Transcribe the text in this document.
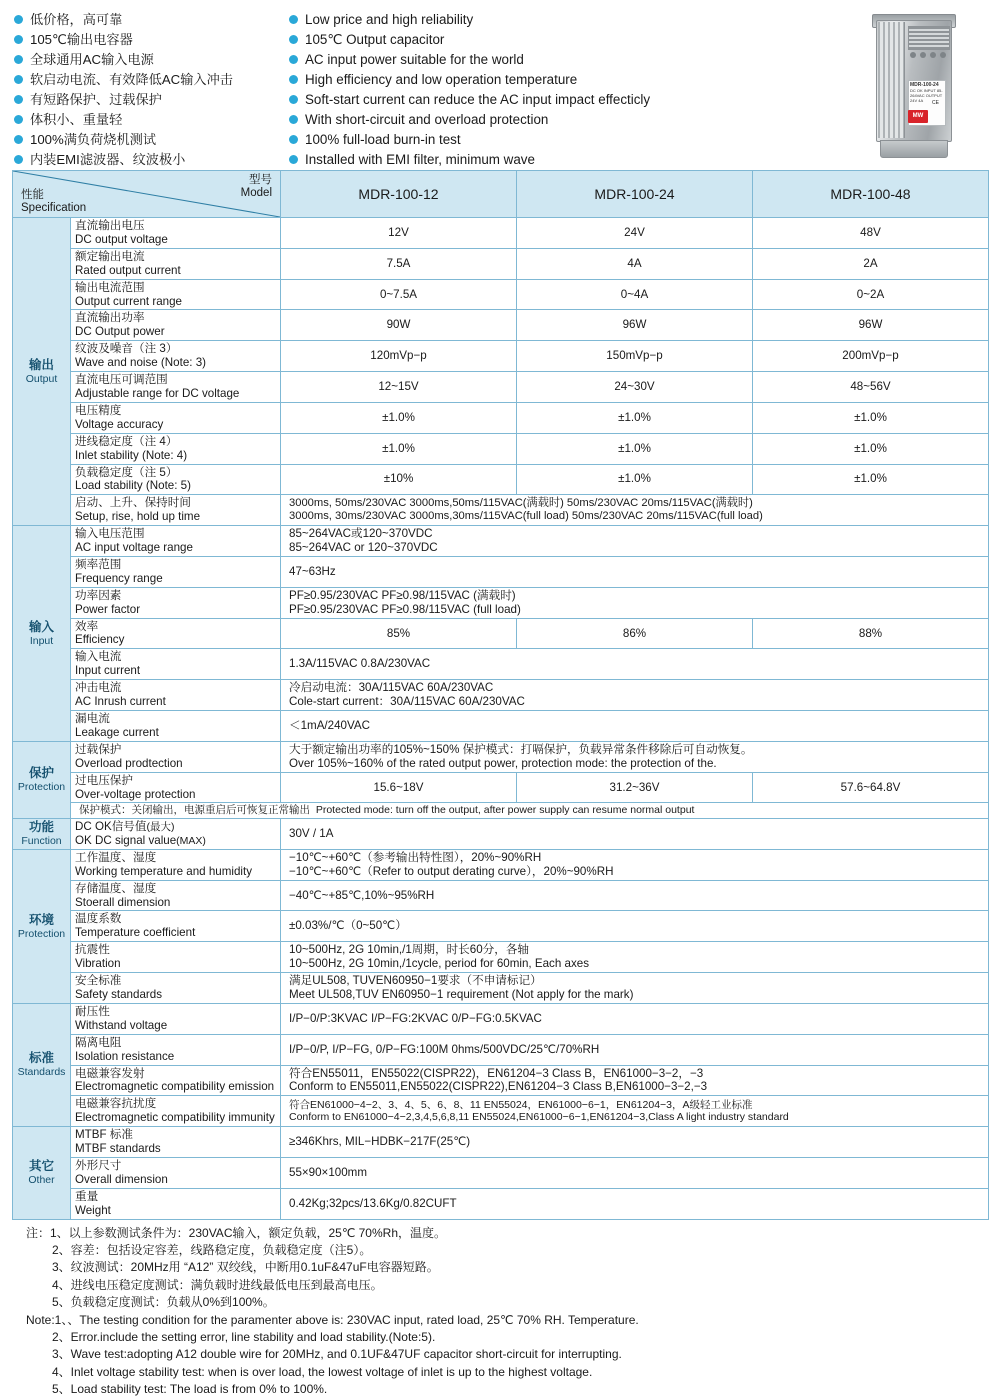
低价格，高可靠
105℃输出电容器
全球通用AC输入电源
软启动电流、有效降低AC输入冲击
有短路保护、过载保护
体积小、重量轻
100%满负荷烧机测试
内装EMI滤波器、纹波极小
Low price and high reliability
105℃ Output capacitor
AC input power suitable for the world
High efficiency and low operation temperature
Soft-start current can reduce the AC input impact effecticly
With short-circuit and overload protection
100% full-load burn-in test
Installed with EMI filter, minimum wave
MDR-100-24
DC OK INPUT 85-264VAC OUTPUT 24V 4A	CE
MW
型号
Model
性能
Specification		MDR-100-12	MDR-100-24	MDR-100-48

输出
Output	直流输出电压
DC output voltage	12V	24V	48V

	额定输出电流
Rated output current	7.5A	4A	2A

	输出电流范围
Output current range	0~7.5A	0~4A	0~2A

	直流输出功率
DC Output power	90W	96W	96W

	纹波及噪音（注 3）
Wave and noise (Note: 3)	120mVp−p	150mVp−p	200mVp−p

	直流电压可调范围
Adjustable range for DC voltage	12~15V	24~30V	48~56V

	电压精度
Voltage accuracy	±1.0%	±1.0%	±1.0%

	进线稳定度（注 4）
Inlet stability (Note: 4)	±1.0%	±1.0%	±1.0%

	负载稳定度（注 5）
Load stability (Note: 5)	±10%	±1.0%	±1.0%

	启动、上升、保持时间
Setup, rise, hold up time	3000ms, 50ms/230VAC 3000ms,50ms/115VAC(满载时) 50ms/230VAC 20ms/115VAC(满载时)
3000ms, 30ms/230VAC 3000ms,30ms/115VAC(full load) 50ms/230VAC 20ms/115VAC(full load)		

输入
Input	输入电压范围
AC input voltage range	85~264VAC或120~370VDC
85~264VAC or 120~370VDC		

	频率范围
Frequency range	47~63Hz		

	功率因素
Power factor	PF≥0.95/230VAC PF≥0.98/115VAC (满载时)
PF≥0.95/230VAC PF≥0.98/115VAC (full load)		

	效率
Efficiency	85%	86%	88%

	输入电流
Input current	1.3A/115VAC 0.8A/230VAC		

	冲击电流
AC Inrush current	冷启动电流：30A/115VAC 60A/230VAC
Cole-start current：30A/115VAC 60A/230VAC		

	漏电流
Leakage current	＜1mA/240VAC		

保护
Protection	过载保护
Overload prodtection	大于额定输出功率的105%~150% 保护模式：打嗝保护，负载异常条件移除后可自动恢复。
Over 105%~160% of the rated output power, protection mode: the protection of the.		

	过电压保护
Over-voltage protection	15.6~18V	31.2~36V	57.6~64.8V
	保护模式：关闭输出，电源重启后可恢复正常输出 Protected mode: turn off the output, after power supply can resume normal output			

功能
Function	DC OK信号值(最大)
OK DC signal value(MAX)	30V / 1A		

环境
Protection	工作温度、湿度
Working temperature and humidity	−10℃~+60℃（参考输出特性图），20%~90%RH
−10℃~+60℃（Refer to output derating curve），20%~90%RH		

	存储温度、湿度
Stoerall dimension	−40℃~+85℃,10%~95%RH		

	温度系数
Temperature coefficient	±0.03%/℃（0~50℃）		

	抗震性
Vibration	10~500Hz, 2G 10min,/1周期，时长60分，各轴
10~500Hz, 2G 10min,/1cycle, period for 60min, Each axes		

	安全标准
Safety standards	满足UL508, TUVEN60950−1要求（不申请标记）
Meet UL508,TUV EN60950−1 requirement (Not apply for the mark)		

标准
Standards	耐压性
Withstand voltage	I/P−0/P:3KVAC I/P−FG:2KVAC 0/P−FG:0.5KVAC		

	隔离电阻
Isolation resistance	I/P−0/P, I/P−FG, 0/P−FG:100M 0hms/500VDC/25℃/70%RH		

	电磁兼容发射
Electromagnetic compatibility emission	符合EN55011，EN55022(CISPR22)，EN61204−3 Class B，EN61000−3−2，−3
Conform to EN55011,EN55022(CISPR22),EN61204−3 Class B,EN61000−3−2,−3		

	电磁兼容抗扰度
Electromagnetic compatibility immunity	符合EN61000−4−2、3、4、5、6、8、11 EN55024，EN61000−6−1，EN61204−3，A级轻工业标准
Conform to EN61000−4−2,3,4,5,6,8,11 EN55024,EN61000−6−1,EN61204−3,Class A light industry standard		

其它
Other	MTBF 标准
MTBF standards	≥346Khrs, MIL−HDBK−217F(25℃)		

	外形尺寸
Overall dimension	55×90×100mm		

	重量
Weight	0.42Kg;32pcs/13.6Kg/0.82CUFT		
注：1、以上参数测试条件为：230VAC输入，额定负载，25℃ 70%Rh，温度。
2、容差：包括设定容差，线路稳定度，负载稳定度（注5）。
3、纹波测试：20MHz用 “A12” 双绞线，中断用0.1uF&47uF电容器短路。
4、进线电压稳定度测试：满负载时进线最低电压到最高电压。
5、负载稳定度测试：负载从0%到100%。
Note:1、、The testing condition for the paramenter above is: 230VAC input, rated load, 25℃ 70% RH. Temperature.
2、Error.include the setting error, line stability and load stability.(Note:5).
3、Wave test:adopting A12 double wire for 20MHz, and 0.1UF&47UF capacitor short-circuit for interrupting.
4、Inlet voltage stability test: when is over load, the lowest voltage of inlet is up to the highest voltage.
5、Load stability test: The load is from 0% to 100%.
